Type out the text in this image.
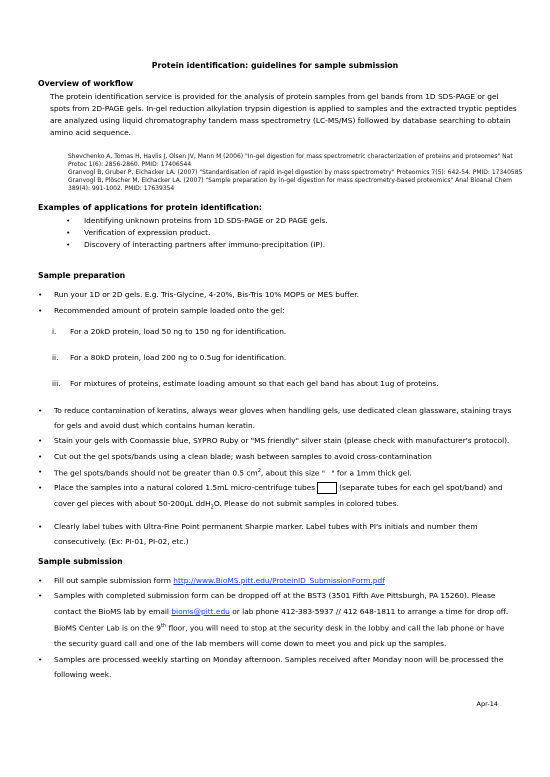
Protein identification: guidelines for sample submission
Overview of workflow
The protein identification service is provided for the analysis of protein samples from gel bands from 1D SDS-PAGE or gel spots from 2D-PAGE gels. In-gel reduction alkylation trypsin digestion is applied to samples and the extracted tryptic peptides are analyzed using liquid chromatography tandem mass spectrometry (LC-MS/MS) followed by database searching to obtain amino acid sequence.
Shevchenko A, Tomas H, Havlis J, Olsen JV, Mann M (2006) "In-gel digestion for mass spectrometric characterization of proteins and proteomes" Nat Protoc 1(6): 2856-2860. PMID: 17406544
Granvogl B, Gruber P, Eichacker LA. (2007) "Standardisation of rapid in-gel digestion by mass spectrometry" Proteomics 7(5): 642-54. PMID: 17340585
Granvogl B, Plöscher M, Eichacker LA. (2007) "Sample preparation by in-gel digestion for mass spectrometry-based proteomics" Anal Bioanal Chem 389(4): 991-1002. PMID: 17639354
Examples of applications for protein identification:
• Identifying unknown proteins from 1D SDS-PAGE or 2D PAGE gels.
• Verification of expression product.
• Discovery of interacting partners after immuno-precipitation (IP).
Sample preparation
• Run your 1D or 2D gels. E.g. Tris-Glycine, 4-20%, Bis-Tris 10% MOPS or MES buffer.
• Recommended amount of protein sample loaded onto the gel:
i. For a 20kD protein, load 50 ng to 150 ng for identification.
ii. For a 80kD protein, load 200 ng to 0.5ug for identification.
iii. For mixtures of proteins, estimate loading amount so that each gel band has about 1ug of proteins.
• To reduce contamination of keratins, always wear gloves when handling gels, use dedicated clean glassware, staining trays for gels and avoid dust which contains human keratin.
• Stain your gels with Coomassie blue, SYPRO Ruby or "MS friendly" silver stain (please check with manufacturer's protocol).
• Cut out the gel spots/bands using a clean blade; wash between samples to avoid cross-contamination
• The gel spots/bands should not be greater than 0.5 $cm^2$, about this size " " for a 1mm thick gel.
• Place the samples into a natural colored 1.5mL micro-centrifuge tubes	(separate tubes for each gel spot/band) and cover gel pieces with about 50-200µL ddH$_2$O. Please do not submit samples in colored tubes.
• Clearly label tubes with Ultra-Fine Point permanent Sharpie marker. Label tubes with PI's initials and number them consecutively. (Ex: PI-01, PI-02, etc.)
Sample submission
• Fill out sample submission form http://www.BioMS.pitt.edu/ProteinID_SubmissionForm.pdf
• Samples with completed submission form can be dropped off at the BST3 (3501 Fifth Ave Pittsburgh, PA 15260). Please contact the BioMS lab by email bioms@pitt.edu or lab phone 412-383-5937 // 412 648-1811 to arrange a time for drop off. BioMS Center Lab is on the 9th floor, you will need to stop at the security desk in the lobby and call the lab phone or have the security guard call and one of the lab members will come down to meet you and pick up the samples.
• Samples are processed weekly starting on Monday afternoon. Samples received after Monday noon will be processed the following week.
Apr-14
